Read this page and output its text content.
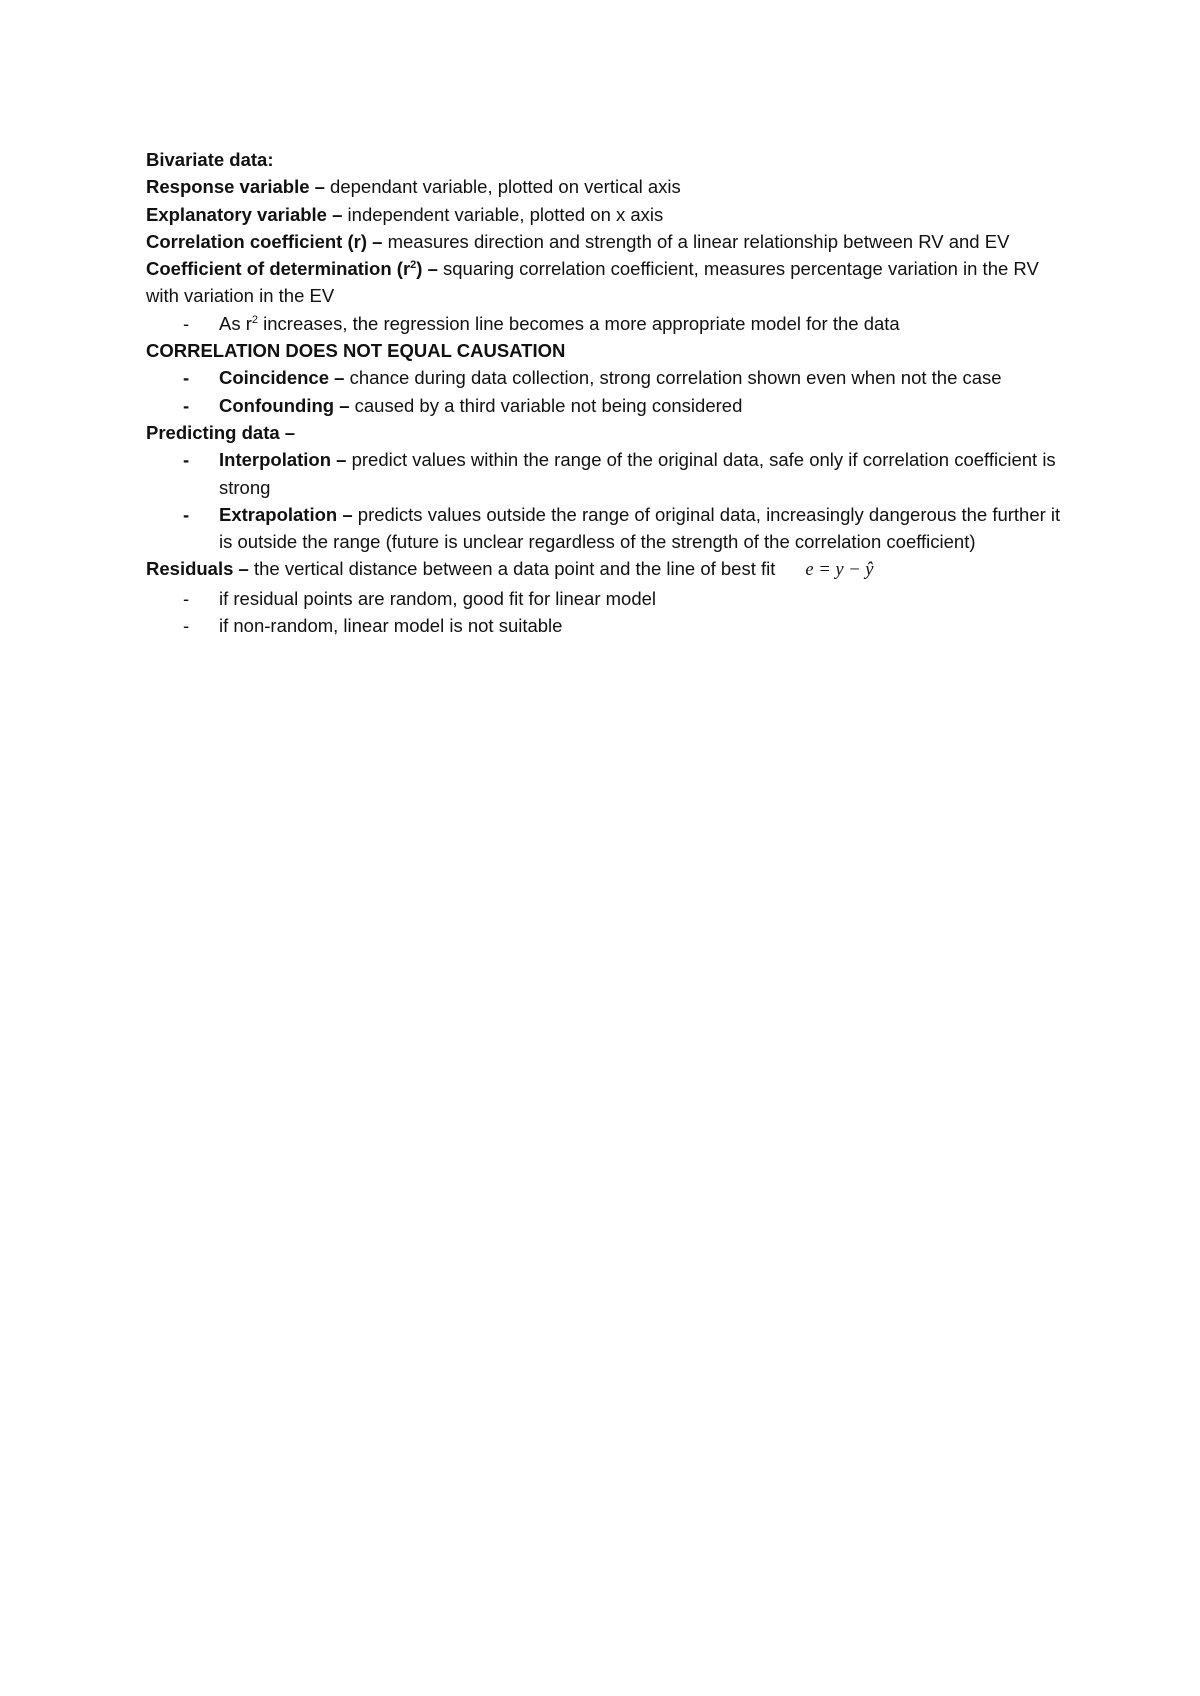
Bivariate data:

Response variable – dependant variable, plotted on vertical axis

Explanatory variable – independent variable, plotted on x axis

Correlation coefficient (r) – measures direction and strength of a linear relationship between RV and EV

Coefficient of determination $(r^2)$ – squaring correlation coefficient, measures percentage variation in the RV with variation in the EV

-	As $r^2$ increases, the regression line becomes a more appropriate model for the data

CORRELATION DOES NOT EQUAL CAUSATION

-	Coincidence – chance during data collection, strong correlation shown even when not the case
-	Confounding – caused by a third variable not being considered

Predicting data –

-	Interpolation – predict values within the range of the original data, safe only if correlation coefficient is strong
-	Extrapolation – predicts values outside the range of original data, increasingly dangerous the further it is outside the range (future is unclear regardless of the strength of the correlation coefficient)

Residuals – the vertical distance between a data point and the line of best fit e = y − ŷ

-	if residual points are random, good fit for linear model
-	if non-random, linear model is not suitable
